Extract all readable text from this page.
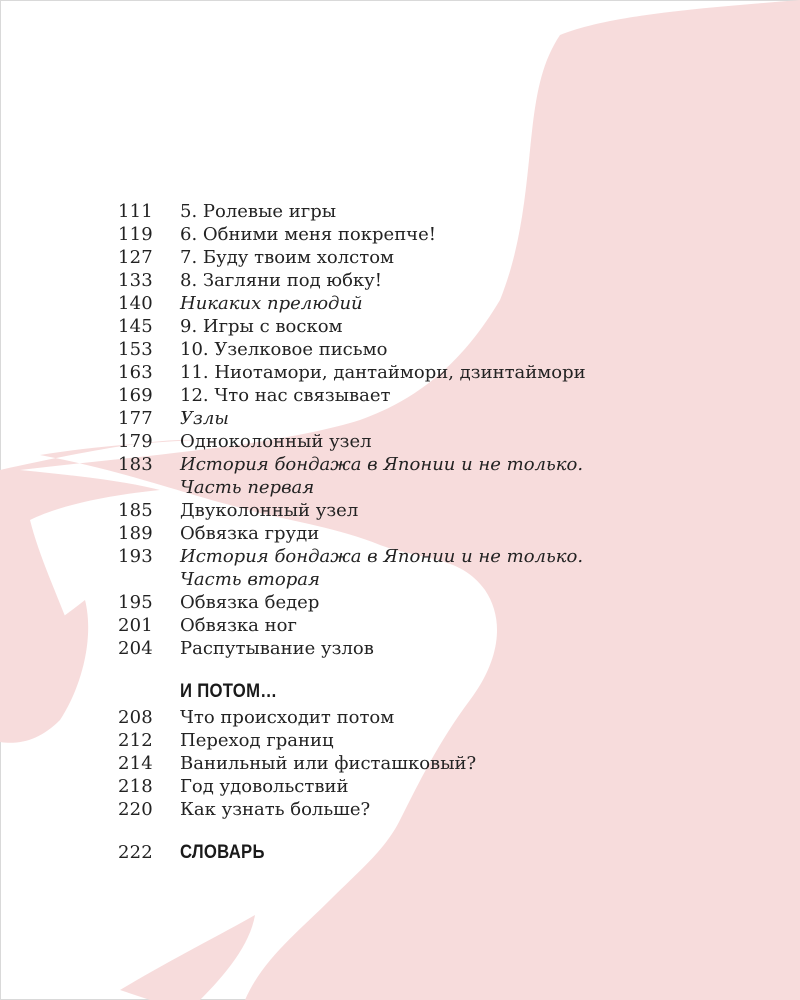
111	5. Ролевые игры
119	6. Обними меня покрепче!
127	7. Буду твоим холстом
133	8. Загляни под юбку!
140	Никаких прелюдий
145	9. Игры с воском
153	10. Узелковое письмо
163	11. Ниотамори, дантаймори, дзинтаймори
169	12. Что нас связывает
177	Узлы
179	Одноколонный узел
183	История бондажа в Японии и не только.
Часть первая
185	Двуколонный узел
189	Обвязка груди
193	История бондажа в Японии и не только.
Часть вторая
195	Обвязка бедер
201	Обвязка ног
204	Распутывание узлов
И ПОТОМ…
208	Что происходит потом
212	Переход границ
214	Ванильный или фисташковый?
218	Год удовольствий
220	Как узнать больше?
222	СЛОВАРЬ
